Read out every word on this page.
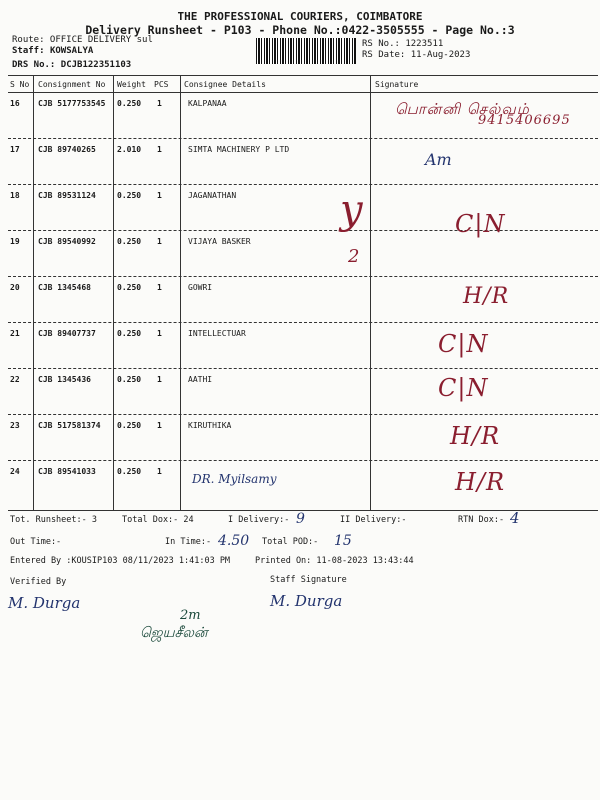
THE PROFESSIONAL COURIERS, COIMBATORE
Delivery Runsheet - P103 - Phone No.:0422-3505555 - Page No.:3
Route: OFFICE DELIVERY sul
Staff: KOWSALYA
DRS No.: DCJB122351103
RS No.: 1223511
RS Date: 11-Aug-2023
S No Consignment No Weight PCS Consignee Details	Signature
16 CJB 5177753545 0.250 1	KALPANAA	பொன்னி செல்வம்
9415406695
17 CJB 89740265	2.010 1	SIMTA MACHINERY P LTD
Am
18 CJB 89531124	0.250 1	JAGANATHAN	y
2
19 CJB 89540992	0.250 1	VIJAYA BASKER
C|N
20 CJB 1345468	0.250 1	GOWRI	H/R
21 CJB 89407737	0.250 1	INTELLECTUAR	C|N
22 CJB 1345436	0.250 1	AATHI	C|N
23 CJB 517581374 0.250 1	KIRUTHIKA	H/R
24 CJB 89541033	0.250 1
DR. Myilsamy	H/R
Tot. Runsheet:- 3	Total Dox:- 24	I Delivery:- 9	II Delivery:-	RTN Dox:- 4
Out Time:-	In Time:- 4.50 Total POD:- 15
Entered By :KOUSIP103 08/11/2023 1:41:03 PM	Printed On: 11-08-2023 13:43:44
Verified By	Staff Signature
M. Durga	M. Durga
2m
ஜெயசீலன்
